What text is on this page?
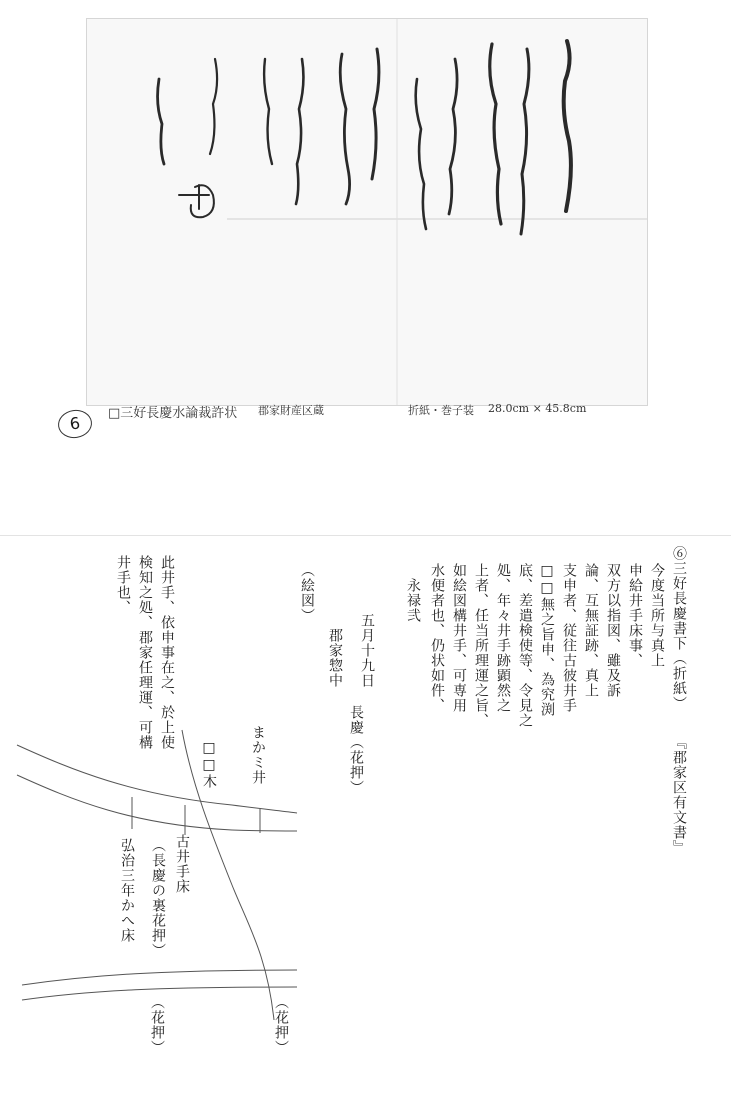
□三好長慶水論裁許状 郡家財産区蔵	折紙・巻子装 28.0cm × 45.8cm
6
⑥三好長慶書下（折紙）
『郡家区有文書』
今度当所与真上
申給井手床事、
双方以指図、雖及訴
論、互無証跡、真上
支申者、従往古彼井手
□□無之旨申、為究渕
底、差遣検使等、令見之
処、年々井手跡顕然之
上者、任当所理運之旨、
如絵図構井手、可専用
水便者也、仍状如件、
永禄弐
五月十九日
長慶（花押）
郡家惣中
（絵図）
此井手、依申事在之、於上使
検知之処、郡家任理運、可構
井手也、
まかミ井
□□木
古井手床
（長慶の裏花押）
弘治三年かへ床
（花押）	（花押）
